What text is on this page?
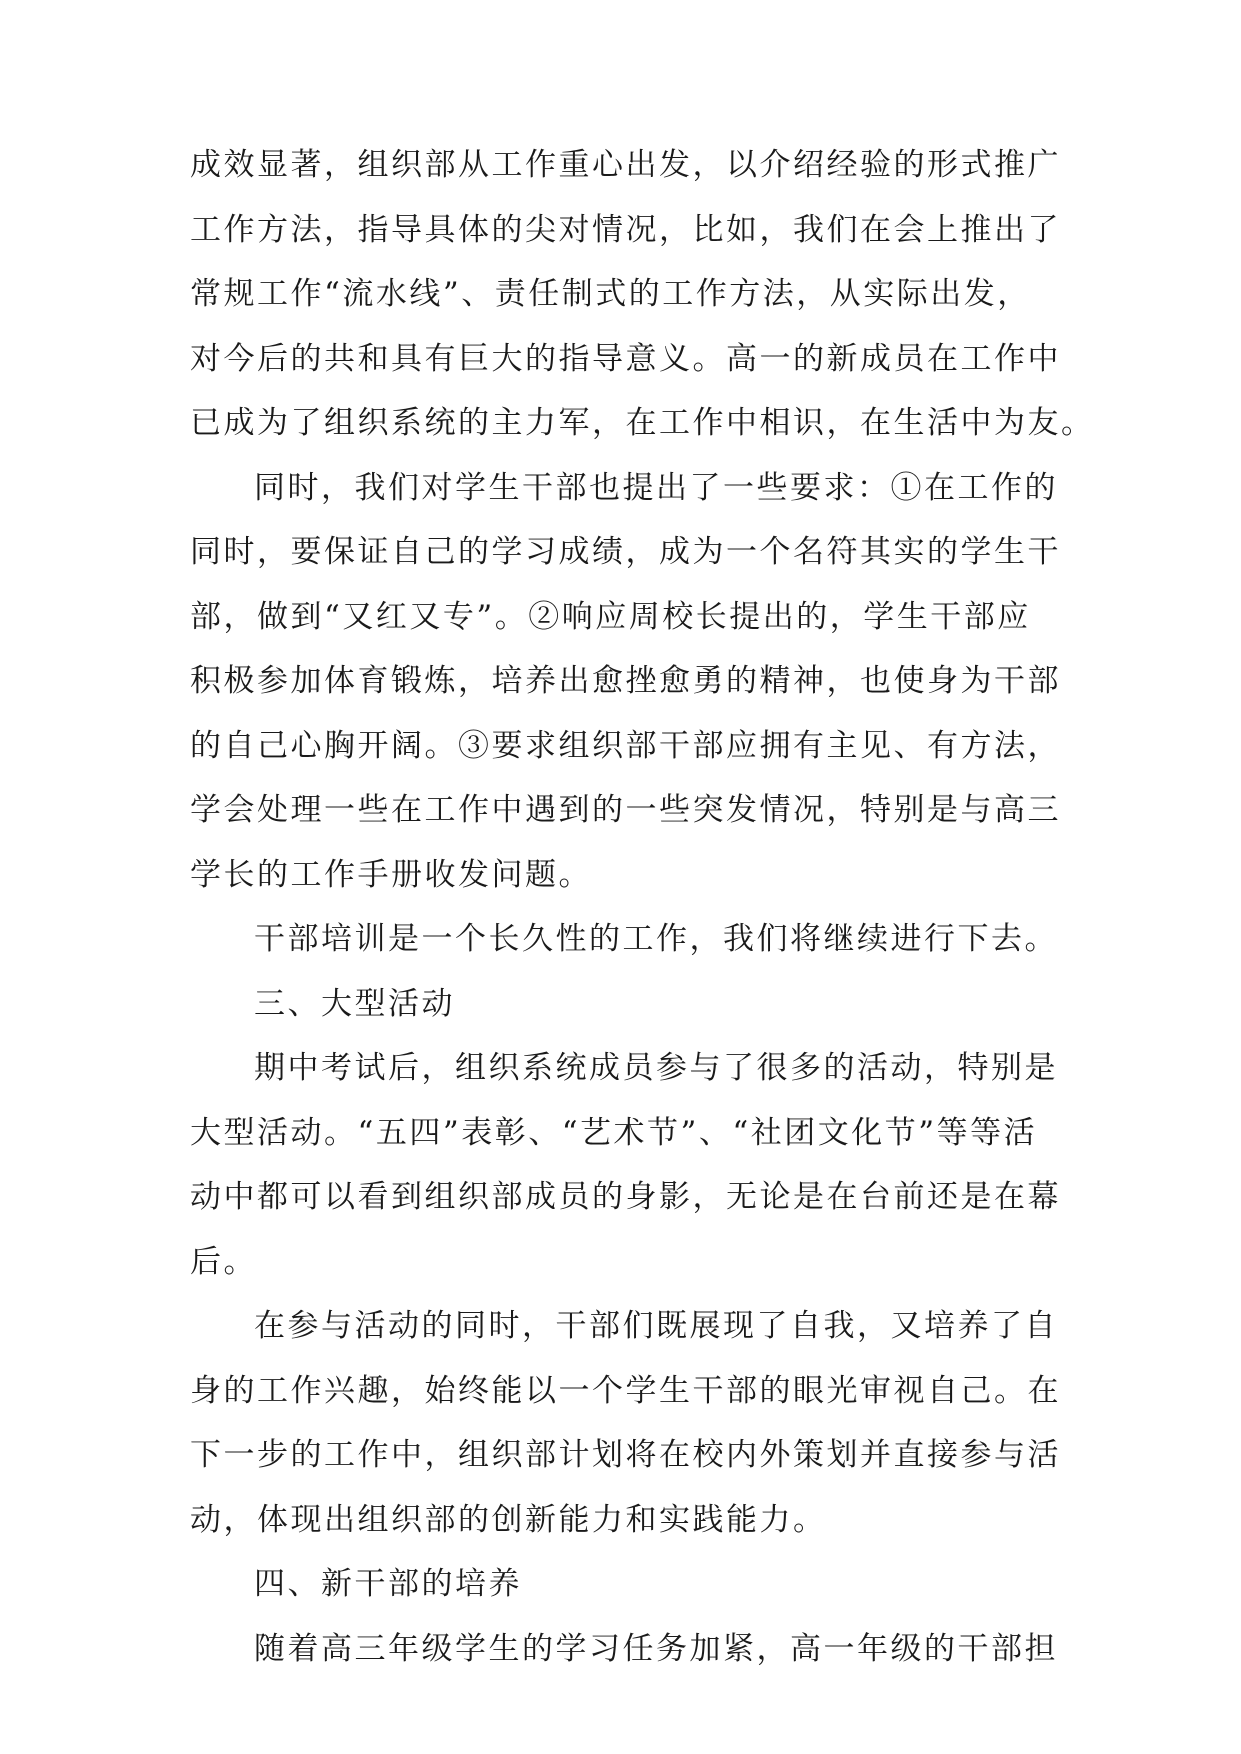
成效显著，组织部从工作重心出发，以介绍经验的形式推广
工作方法，指导具体的尖对情况，比如，我们在会上推出了
常规工作“流水线”、责任制式的工作方法，从实际出发，
对今后的共和具有巨大的指导意义。高一的新成员在工作中
已成为了组织系统的主力军，在工作中相识，在生活中为友。
同时，我们对学生干部也提出了一些要求：①在工作的
同时，要保证自己的学习成绩，成为一个名符其实的学生干
部，做到“又红又专”。②响应周校长提出的，学生干部应
积极参加体育锻炼，培养出愈挫愈勇的精神，也使身为干部
的自己心胸开阔。③要求组织部干部应拥有主见、有方法，
学会处理一些在工作中遇到的一些突发情况，特别是与高三
学长的工作手册收发问题。
干部培训是一个长久性的工作，我们将继续进行下去。
三、大型活动
期中考试后，组织系统成员参与了很多的活动，特别是
大型活动。“五四”表彰、“艺术节”、“社团文化节”等等活
动中都可以看到组织部成员的身影，无论是在台前还是在幕
后。
在参与活动的同时，干部们既展现了自我，又培养了自
身的工作兴趣，始终能以一个学生干部的眼光审视自己。在
下一步的工作中，组织部计划将在校内外策划并直接参与活
动，体现出组织部的创新能力和实践能力。
四、新干部的培养
随着高三年级学生的学习任务加紧，高一年级的干部担
